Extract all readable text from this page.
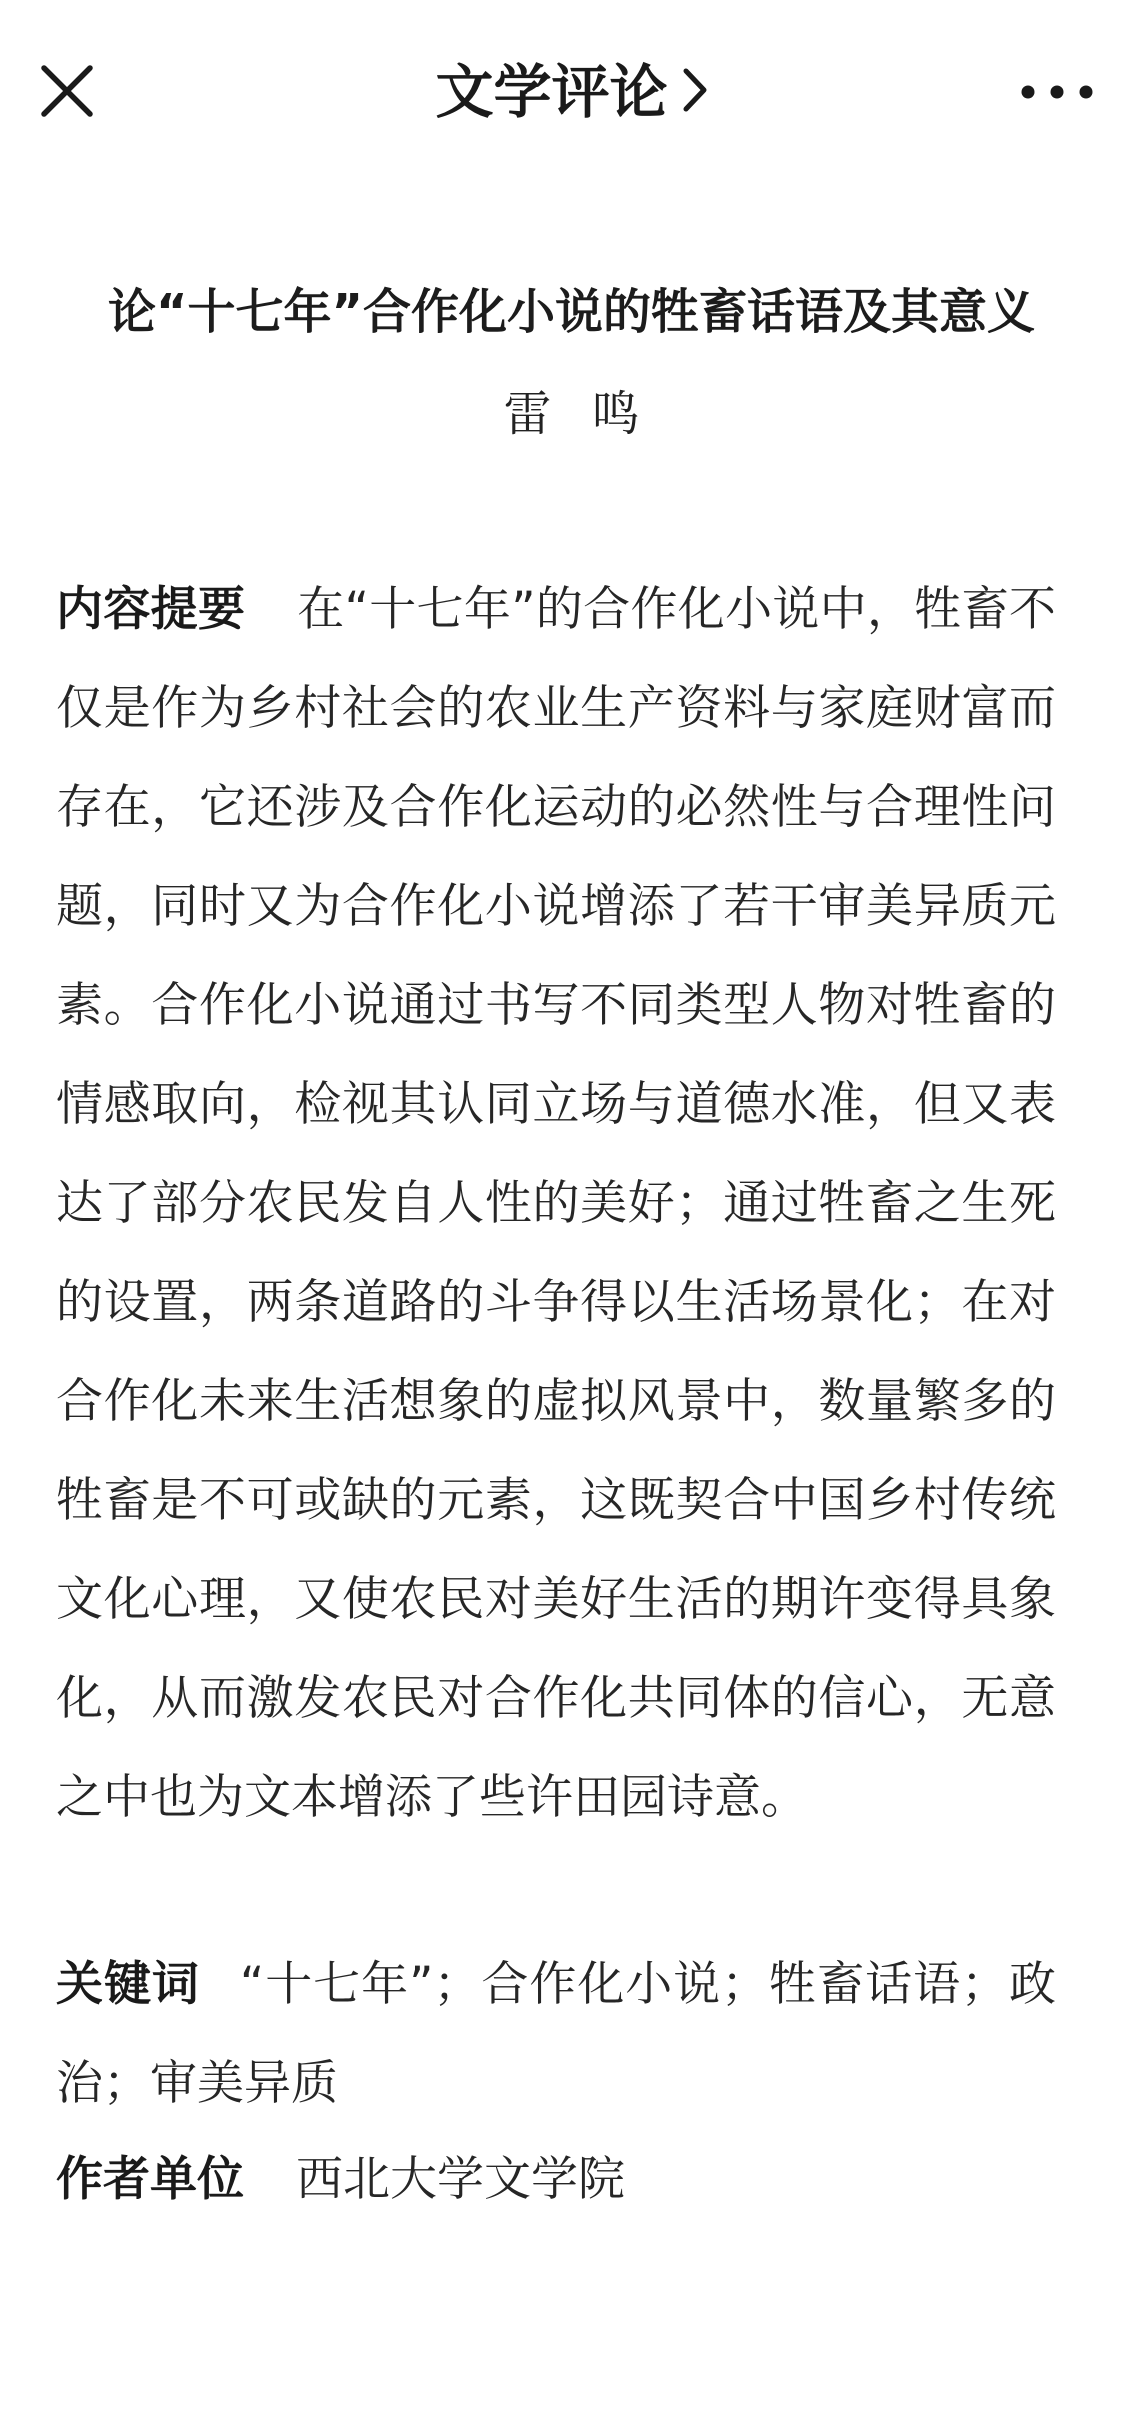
文学评论
论“十七年”合作化小说的牲畜话语及其意义
雷鸣
内容提要 在“十七年”的合作化小说中，牲畜不仅是作为乡村社会的农业生产资料与家庭财富而存在，它还涉及合作化运动的必然性与合理性问题，同时又为合作化小说增添了若干审美异质元素。合作化小说通过书写不同类型人物对牲畜的情感取向，检视其认同立场与道德水准，但又表达了部分农民发自人性的美好；通过牲畜之生死的设置，两条道路的斗争得以生活场景化；在对合作化未来生活想象的虚拟风景中，数量繁多的牲畜是不可或缺的元素，这既契合中国乡村传统文化心理，又使农民对美好生活的期许变得具象化，从而激发农民对合作化共同体的信心，无意之中也为文本增添了些许田园诗意。
关键词 “十七年”；合作化小说；牲畜话语；政治；审美异质
作者单位 西北大学文学院
